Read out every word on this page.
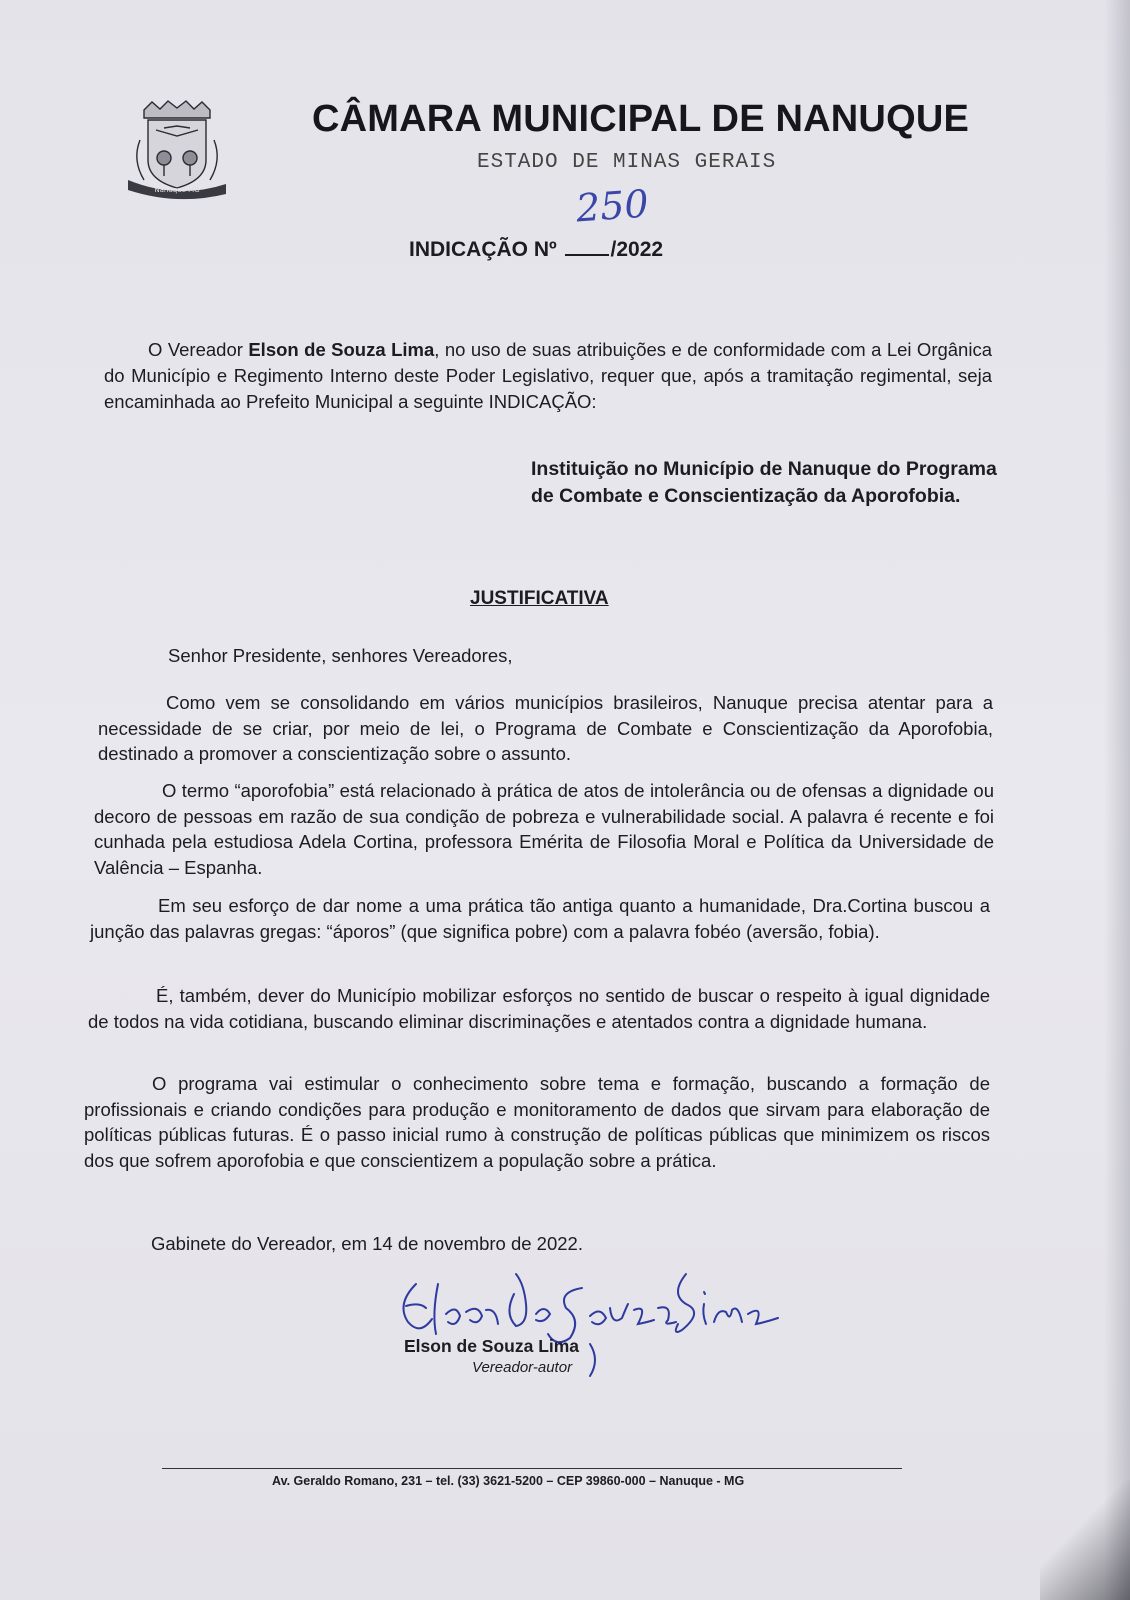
Nanuque MG
CÂMARA MUNICIPAL DE NANUQUE
ESTADO DE MINAS GERAIS
250
INDICAÇÃO Nº	/2022

O Vereador Elson de Souza Lima, no uso de suas atribuições e de conformidade com a Lei Orgânica do Município e Regimento Interno deste Poder Legislativo, requer que, após a tramitação regimental, seja encaminhada ao Prefeito Municipal a seguinte INDICAÇÃO:

Instituição no Município de Nanuque do Programa de Combate e Conscientização da Aporofobia.
JUSTIFICATIVA
Senhor Presidente, senhores Vereadores,

Como vem se consolidando em vários municípios brasileiros, Nanuque precisa atentar para a necessidade de se criar, por meio de lei, o Programa de Combate e Conscientização da Aporofobia, destinado a promover a conscientização sobre o assunto.

O termo “aporofobia” está relacionado à prática de atos de intolerância ou de ofensas a dignidade ou decoro de pessoas em razão de sua condição de pobreza e vulnerabilidade social. A palavra é recente e foi cunhada pela estudiosa Adela Cortina, professora Emérita de Filosofia Moral e Política da Universidade de Valência – Espanha.

Em seu esforço de dar nome a uma prática tão antiga quanto a humanidade, Dra.Cortina buscou a junção das palavras gregas: “áporos” (que significa pobre) com a palavra fobéo (aversão, fobia).

É, também, dever do Município mobilizar esforços no sentido de buscar o respeito à igual dignidade de todos na vida cotidiana, buscando eliminar discriminações e atentados contra a dignidade humana.

O programa vai estimular o conhecimento sobre tema e formação, buscando a formação de profissionais e criando condições para produção e monitoramento de dados que sirvam para elaboração de políticas públicas futuras. É o passo inicial rumo à construção de políticas públicas que minimizem os riscos dos que sofrem aporofobia e que conscientizem a população sobre a prática.

Gabinete do Vereador, em 14 de novembro de 2022.
Elson de Souza Lima
Vereador-autor
Av. Geraldo Romano, 231 – tel. (33) 3621-5200 – CEP 39860-000 – Nanuque - MG
